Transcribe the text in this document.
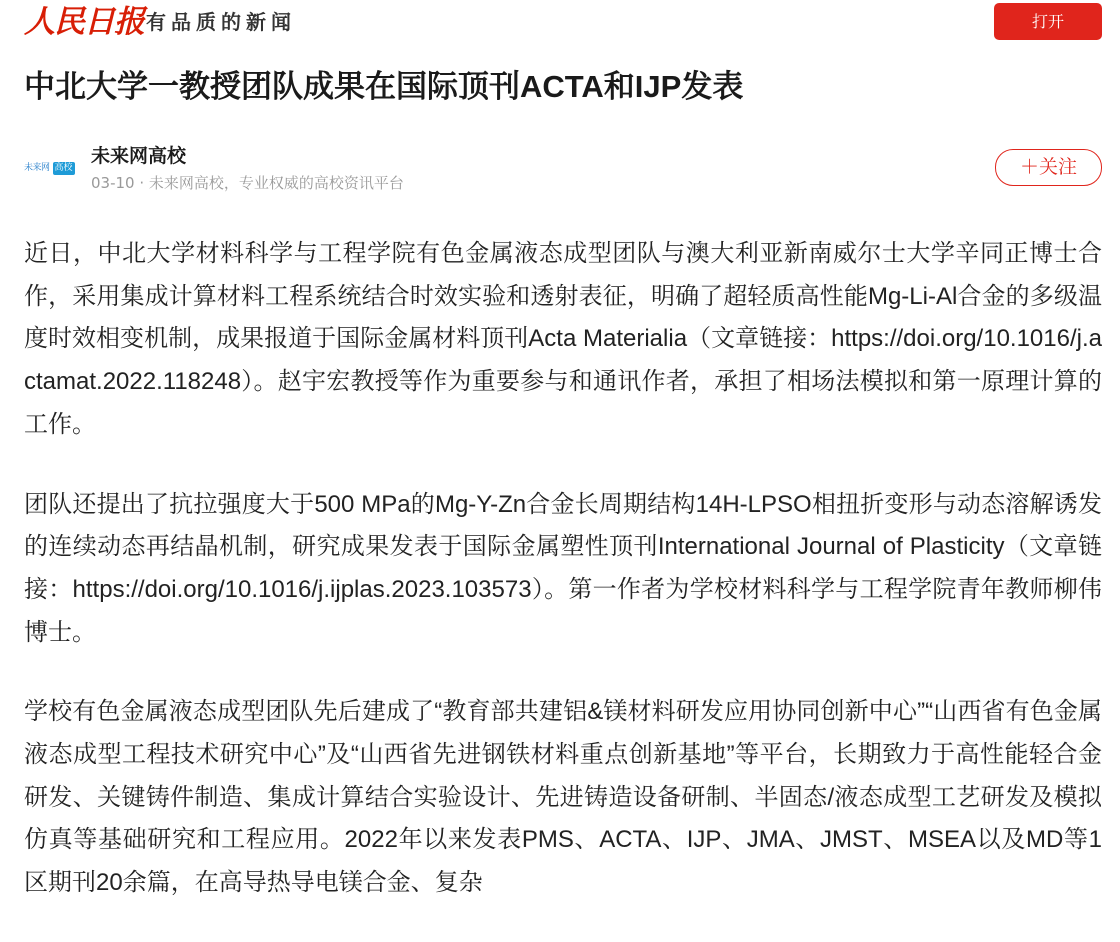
人民日报 有品质的新闻	打开
中北大学一教授团队成果在国际顶刊ACTA和IJP发表
未来网 高校
未来网高校
03-10 · 未来网高校，专业权威的高校资讯平台
＋关注

近日，中北大学材料科学与工程学院有色金属液态成型团队与澳大利亚新南威尔士大学辛同正博士合作，采用集成计算材料工程系统结合时效实验和透射表征，明确了超轻质高性能Mg-Li-Al合金的多级温度时效相变机制，成果报道于国际金属材料顶刊Acta Materialia（文章链接：https://doi.org/10.1016/j.actamat.2022.118248）。赵宇宏教授等作为重要参与和通讯作者，承担了相场法模拟和第一原理计算的工作。

团队还提出了抗拉强度大于500 MPa的Mg-Y-Zn合金长周期结构14H-LPSO相扭折变形与动态溶解诱发的连续动态再结晶机制，研究成果发表于国际金属塑性顶刊International Journal of Plasticity（文章链接：https://doi.org/10.1016/j.ijplas.2023.103573）。第一作者为学校材料科学与工程学院青年教师柳伟博士。

学校有色金属液态成型团队先后建成了“教育部共建铝&镁材料研发应用协同创新中心”“山西省有色金属液态成型工程技术研究中心”及“山西省先进钢铁材料重点创新基地”等平台，长期致力于高性能轻合金研发、关键铸件制造、集成计算结合实验设计、先进铸造设备研制、半固态/液态成型工艺研发及模拟仿真等基础研究和工程应用。2022年以来发表PMS、ACTA、IJP、JMA、JMST、MSEA以及MD等1区期刊20余篇，在高导热导电镁合金、复杂
